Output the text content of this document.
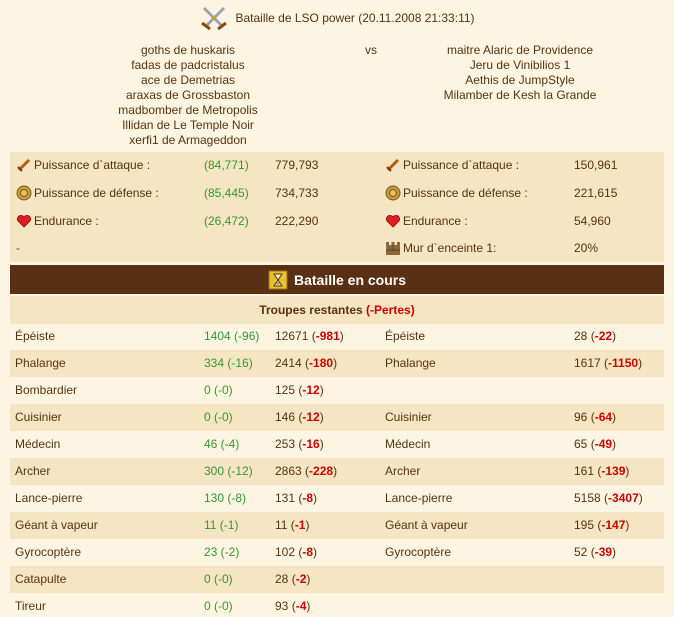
Bataille de LSO power (20.11.2008 21:33:11)
goths de huskaris
fadas de padcristalus
ace de Demetrias
araxas de Grossbaston
madbomber de Metropolis
Illidan de Le Temple Noir
xerfi1 de Armageddon
vs	maitre Alaric de Providence
Jeru de Vinibilios 1
Aethis de JumpStyle
Milamber de Kesh la Grande
Puissance d`attaque :	(84,771) 779,793	Puissance d`attaque :	150,961
Puissance de défense :	(85,445) 734,733	Puissance de défense :	221,615
Endurance :	(26,472) 222,290	Endurance :	54,960
-	Mur d`enceinte 1:	20%
Bataille en cours
Troupes restantes (-Pertes)
Épéiste	1404 (-96) 12671 (-981)	Épéiste	28 (-22)
Phalange	334 (-16) 2414 (-180)	Phalange	1617 (-1150)
Bombardier	0 (-0)	125 (-12)
Cuisinier	0 (-0)	146 (-12)	Cuisinier	96 (-64)
Médecin	46 (-4)	253 (-16)	Médecin	65 (-49)
Archer	300 (-12) 2863 (-228)	Archer	161 (-139)
Lance-pierre	130 (-8) 131 (-8)	Lance-pierre	5158 (-3407)
Géant à vapeur	11 (-1)	11 (-1)	Géant à vapeur	195 (-147)
Gyrocoptère	23 (-2)	102 (-8)	Gyrocoptère	52 (-39)
Catapulte	0 (-0)	28 (-2)
Tireur	0 (-0)	93 (-4)
